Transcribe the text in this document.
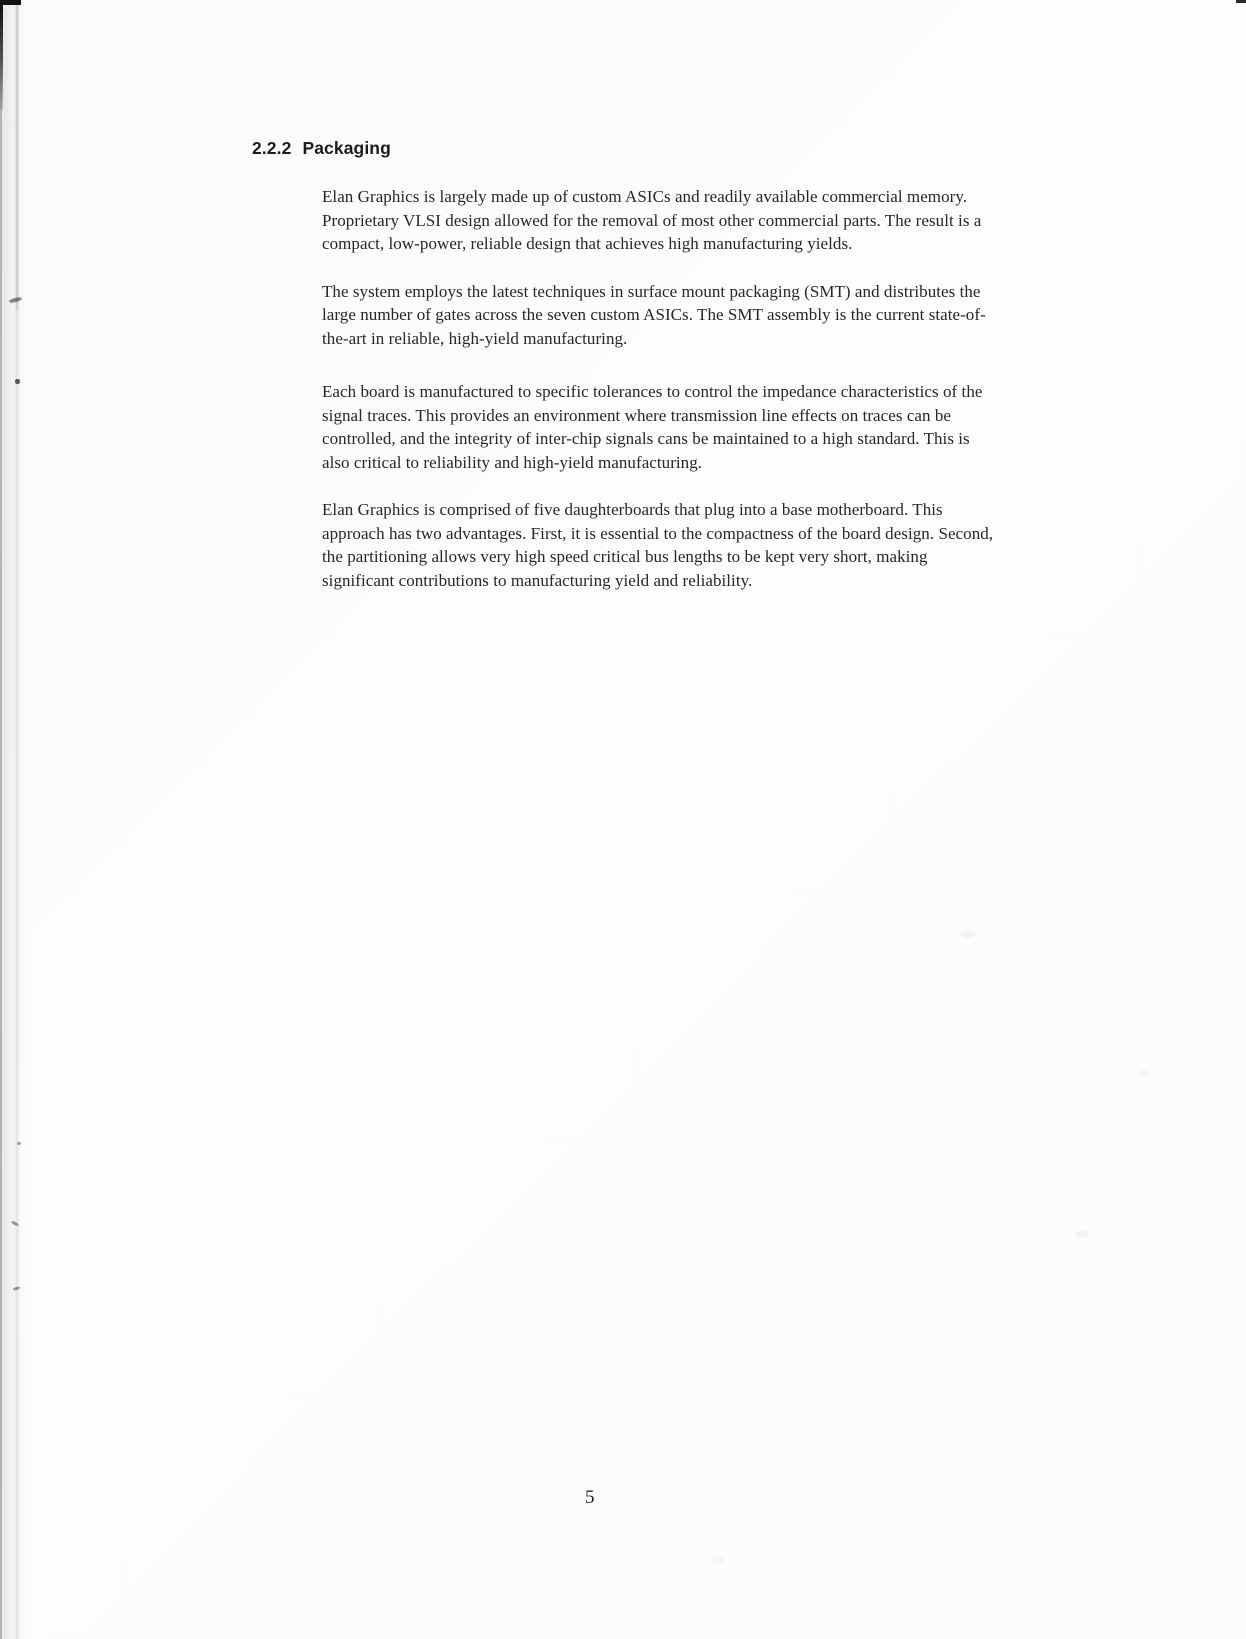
2.2.2 Packaging
Elan Graphics is largely made up of custom ASICs and readily available commercial memory.
Proprietary VLSI design allowed for the removal of most other commercial parts. The result is a
compact, low-power, reliable design that achieves high manufacturing yields.
The system employs the latest techniques in surface mount packaging (SMT) and distributes the
large number of gates across the seven custom ASICs. The SMT assembly is the current state-of-
the-art in reliable, high-yield manufacturing.
Each board is manufactured to specific tolerances to control the impedance characteristics of the
signal traces. This provides an environment where transmission line effects on traces can be
controlled, and the integrity of inter-chip signals cans be maintained to a high standard. This is
also critical to reliability and high-yield manufacturing.
Elan Graphics is comprised of five daughterboards that plug into a base motherboard. This
approach has two advantages. First, it is essential to the compactness of the board design. Second,
the partitioning allows very high speed critical bus lengths to be kept very short, making
significant contributions to manufacturing yield and reliability.
5
